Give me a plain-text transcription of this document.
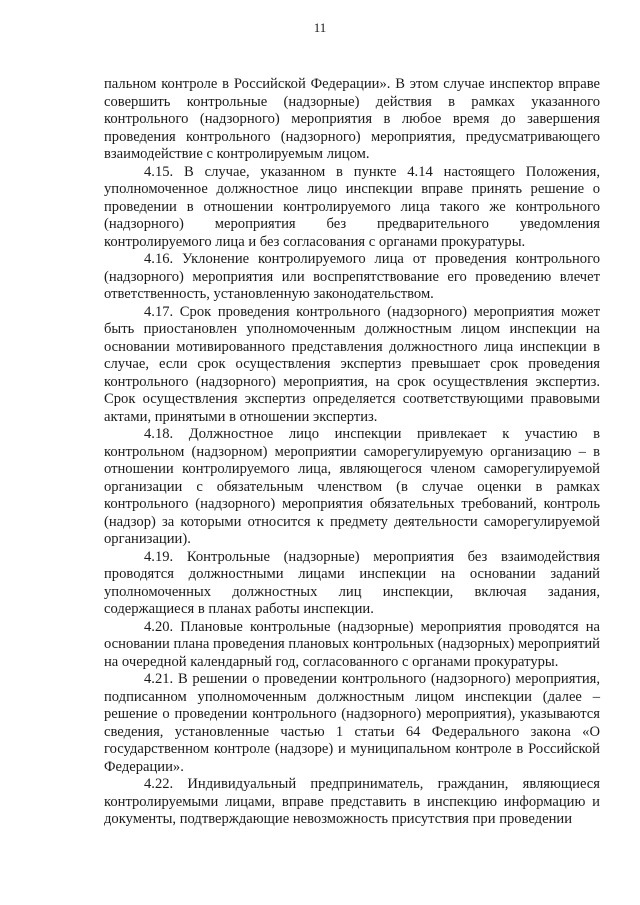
11

пальном контроле в Российской Федерации». В этом случае инспектор вправе совершить контрольные (надзорные) действия в рамках указанного контрольного (надзорного) мероприятия в любое время до завершения проведения контрольного (надзорного) мероприятия, предусматривающего взаимодействие с контролируемым лицом.

4.15. В случае, указанном в пункте 4.14 настоящего Положения, уполномоченное должностное лицо инспекции вправе принять решение о проведении в отношении контролируемого лица такого же контрольного (надзорного) мероприятия без предварительного уведомления контролируемого лица и без согласования с органами прокуратуры.

4.16. Уклонение контролируемого лица от проведения контрольного (надзорного) мероприятия или воспрепятствование его проведению влечет ответственность, установленную законодательством.

4.17. Срок проведения контрольного (надзорного) мероприятия может быть приостановлен уполномоченным должностным лицом инспекции на основании мотивированного представления должностного лица инспекции в случае, если срок осуществления экспертиз превышает срок проведения контрольного (надзорного) мероприятия, на срок осуществления экспертиз. Срок осуществления экспертиз определяется соответствующими правовыми актами, принятыми в отношении экспертиз.

4.18. Должностное лицо инспекции привлекает к участию в контрольном (надзорном) мероприятии саморегулируемую организацию – в отношении контролируемого лица, являющегося членом саморегулируемой организации с обязательным членством (в случае оценки в рамках контрольного (надзорного) мероприятия обязательных требований, контроль (надзор) за которыми относится к предмету деятельности саморегулируемой организации).

4.19. Контрольные (надзорные) мероприятия без взаимодействия проводятся должностными лицами инспекции на основании заданий уполномоченных должностных лиц инспекции, включая задания, содержащиеся в планах работы инспекции.

4.20. Плановые контрольные (надзорные) мероприятия проводятся на основании плана проведения плановых контрольных (надзорных) мероприятий на очередной календарный год, согласованного с органами прокуратуры.

4.21. В решении о проведении контрольного (надзорного) мероприятия, подписанном уполномоченным должностным лицом инспекции (далее – решение о проведении контрольного (надзорного) мероприятия), указываются сведения, установленные частью 1 статьи 64 Федерального закона «О государственном контроле (надзоре) и муниципальном контроле в Российской Федерации».

4.22. Индивидуальный предприниматель, гражданин, являющиеся контролируемыми лицами, вправе представить в инспекцию информацию и документы, подтверждающие невозможность присутствия при проведении
